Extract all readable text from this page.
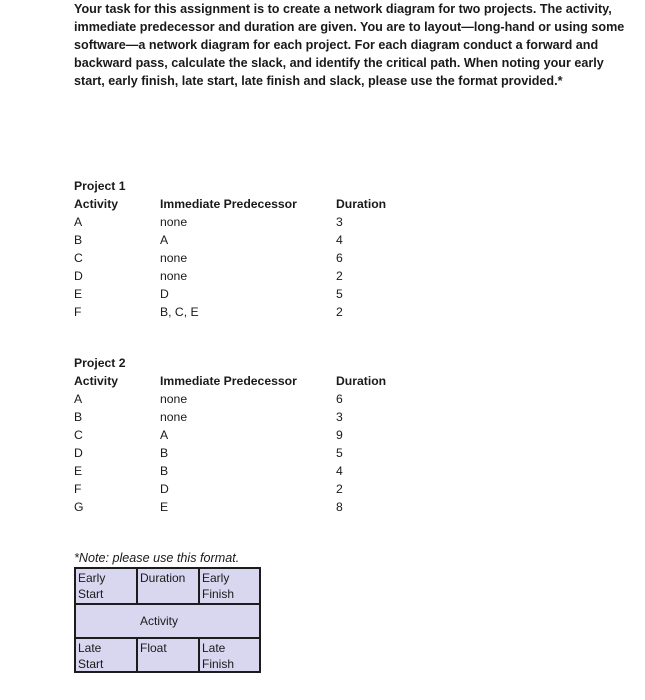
Your task for this assignment is to create a network diagram for two projects. The activity, immediate predecessor and duration are given. You are to layout—long-hand or using some software—a network diagram for each project. For each diagram conduct a forward and backward pass, calculate the slack, and identify the critical path. When noting your early start, early finish, late start, late finish and slack, please use the format provided.*
Project 1
Activity	Immediate Predecessor	Duration
A	none	3
B	A	4
C	none	6
D	none	2
E	D	5
F	B, C, E	2
Project 2
Activity	Immediate Predecessor	Duration
A	none	6
B	none	3
C	A	9
D	B	5
E	B	4
F	D	2
G	E	8
*Note: please use this format.
Early
Start
Duration	Early
Finish
Activity
Late
Start
Float	Late
Finish
